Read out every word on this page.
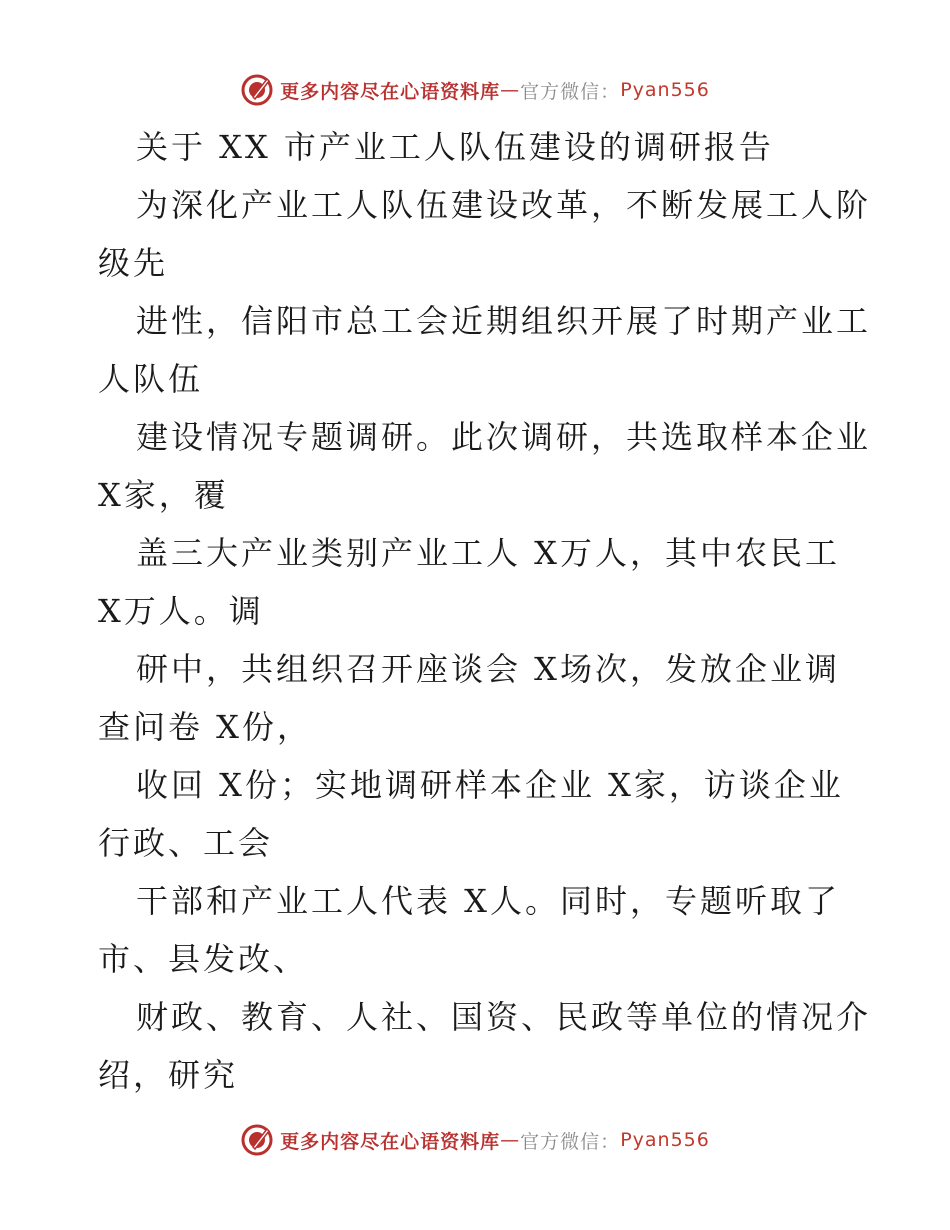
更多内容尽在心语资料库 — 官方微信： Pyan556
关于 XX 市产业工人队伍建设的调研报告
为深化产业工人队伍建设改革，不断发展工人阶
级先
进性，信阳市总工会近期组织开展了时期产业工
人队伍
建设情况专题调研。此次调研，共选取样本企业
X家，覆
盖三大产业类别产业工人 X万人，其中农民工
X万人。调
研中，共组织召开座谈会 X场次，发放企业调
查问卷 X份，
收回 X份；实地调研样本企业 X家，访谈企业
行政、工会
干部和产业工人代表 X人。同时，专题听取了
市、县发改、
财政、教育、人社、国资、民政等单位的情况介
绍，研究
更多内容尽在心语资料库 — 官方微信： Pyan556
